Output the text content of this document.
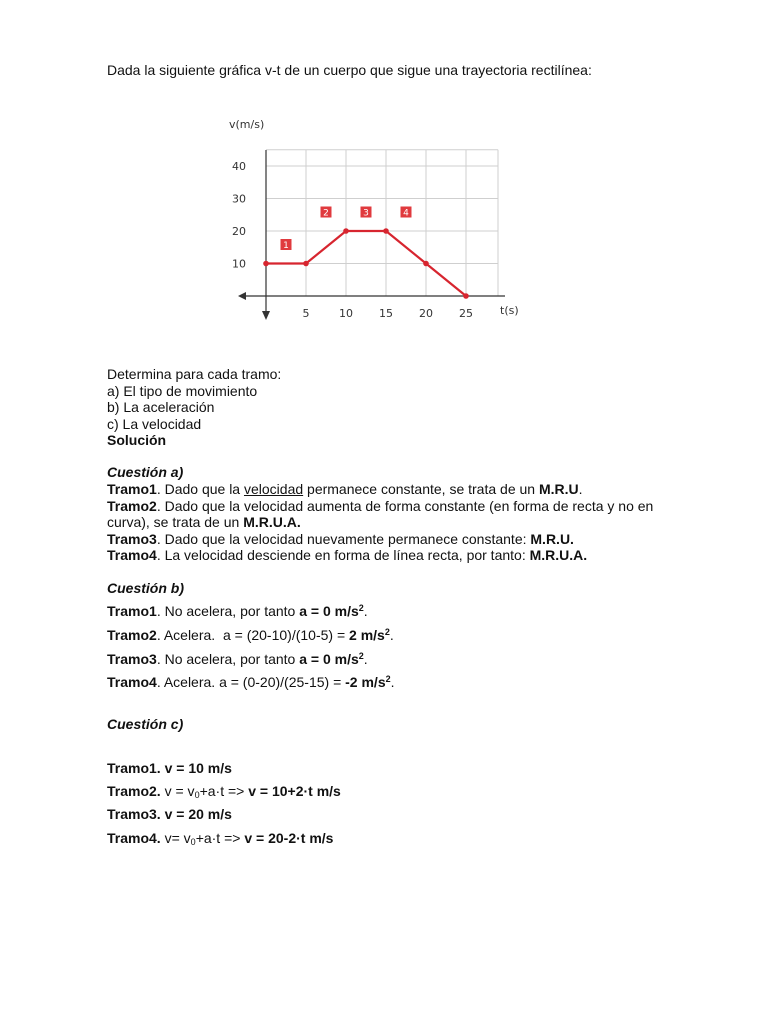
Dada la siguiente gráfica v-t de un cuerpo que sigue una trayectoria rectilínea:
5	10 15 20 25
10
20
30
40
1
2	3	4
v(m/s)
t(s)
Determina para cada tramo:
a) El tipo de movimiento
b) La aceleración
c) La velocidad
Solución
Cuestión a)
Tramo1. Dado que la velocidad permanece constante, se trata de un M.R.U.
Tramo2. Dado que la velocidad aumenta de forma constante (en forma de recta y no en
curva), se trata de un M.R.U.A.
Tramo3. Dado que la velocidad nuevamente permanece constante: M.R.U.
Tramo4. La velocidad desciende en forma de línea recta, por tanto: M.R.U.A.
Cuestión b)
Tramo1. No acelera, por tanto a = 0 $m/s^2$.
Tramo2. Acelera.  a = (20-10)/(10-5) = 2 $m/s^2$.
Tramo3. No acelera, por tanto a = 0 $m/s^2$.
Tramo4. Acelera. a = (0-20)/(25-15) = -2 $m/s^2$.
Cuestión c)
Tramo1. v = 10 m/s
Tramo2. $v = v_0+a\cdot t => v = 10+2\cdot t$ m/s
Tramo3. v = 20 m/s
Tramo4. $v= v_0+a\cdot t => v = 20-2\cdot t$ m/s
